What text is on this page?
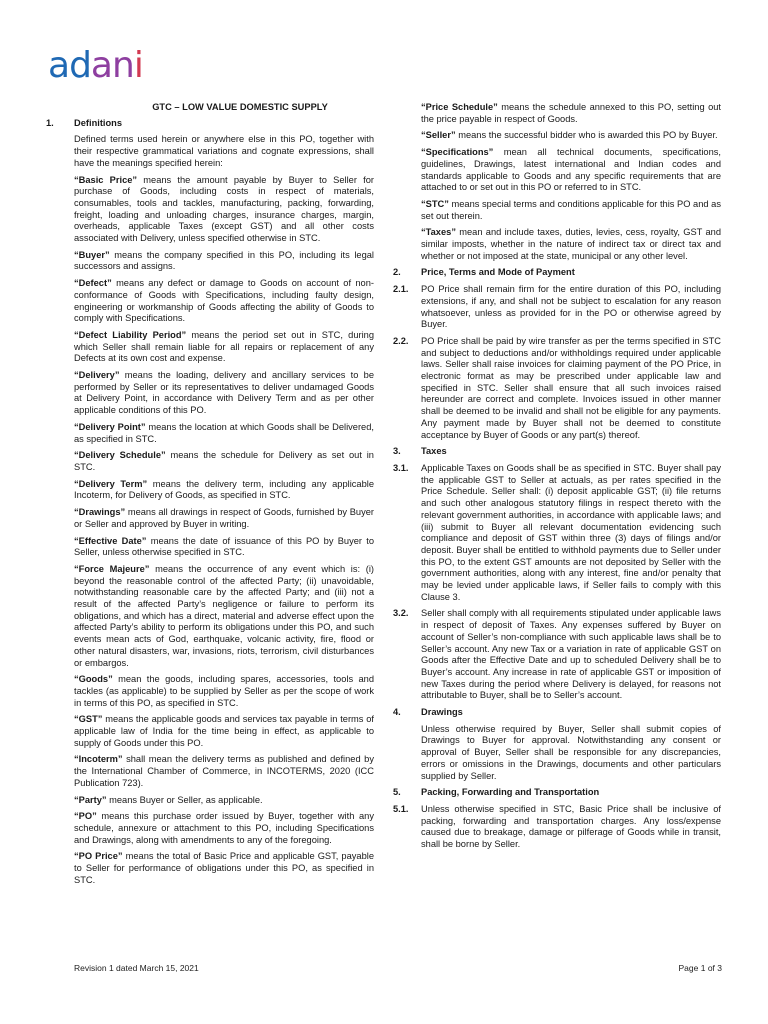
adani
GTC – LOW VALUE DOMESTIC SUPPLY
1.	Definitions
Defined terms used herein or anywhere else in this PO, together with their respective grammatical variations and cognate expressions, shall have the meanings specified herein:
“Basic Price” means the amount payable by Buyer to Seller for purchase of Goods, including costs in respect of materials, consumables, tools and tackles, manufacturing, packing, forwarding, freight, loading and unloading charges, insurance charges, margin, overheads, applicable Taxes (except GST) and all other costs associated with Delivery, unless specified otherwise in STC.
“Buyer” means the company specified in this PO, including its legal successors and assigns.
“Defect” means any defect or damage to Goods on account of non-conformance of Goods with Specifications, including faulty design, engineering or workmanship of Goods affecting the ability of Goods to comply with Specifications.
“Defect Liability Period” means the period set out in STC, during which Seller shall remain liable for all repairs or replacement of any Defects at its own cost and expense.
“Delivery” means the loading, delivery and ancillary services to be performed by Seller or its representatives to deliver undamaged Goods at Delivery Point, in accordance with Delivery Term and as per other applicable conditions of this PO.
“Delivery Point” means the location at which Goods shall be Delivered, as specified in STC.
“Delivery Schedule” means the schedule for Delivery as set out in STC.
“Delivery Term” means the delivery term, including any applicable Incoterm, for Delivery of Goods, as specified in STC.
“Drawings” means all drawings in respect of Goods, furnished by Buyer or Seller and approved by Buyer in writing.
“Effective Date” means the date of issuance of this PO by Buyer to Seller, unless otherwise specified in STC.
“Force Majeure” means the occurrence of any event which is: (i) beyond the reasonable control of the affected Party; (ii) unavoidable, notwithstanding reasonable care by the affected Party; and (iii) not a result of the affected Party’s negligence or failure to perform its obligations, and which has a direct, material and adverse effect upon the affected Party’s ability to perform its obligations under this PO, and such events mean acts of God, earthquake, volcanic activity, fire, flood or other natural disasters, war, invasions, riots, terrorism, civil disturbances or embargos.
“Goods” mean the goods, including spares, accessories, tools and tackles (as applicable) to be supplied by Seller as per the scope of work in terms of this PO, as specified in STC.
“GST” means the applicable goods and services tax payable in terms of applicable law of India for the time being in effect, as applicable to supply of Goods under this PO.
“Incoterm” shall mean the delivery terms as published and defined by the International Chamber of Commerce, in INCOTERMS, 2020 (ICC Publication 723).
“Party” means Buyer or Seller, as applicable.
“PO” means this purchase order issued by Buyer, together with any schedule, annexure or attachment to this PO, including Specifications and Drawings, along with amendments to any of the foregoing.
“PO Price” means the total of Basic Price and applicable GST, payable to Seller for performance of obligations under this PO, as specified in STC.
“Price Schedule” means the schedule annexed to this PO, setting out the price payable in respect of Goods.
“Seller” means the successful bidder who is awarded this PO by Buyer.
“Specifications” mean all technical documents, specifications, guidelines, Drawings, latest international and Indian codes and standards applicable to Goods and any specific requirements that are attached to or set out in this PO or referred to in STC.
“STC” means special terms and conditions applicable for this PO and as set out therein.
“Taxes” mean and include taxes, duties, levies, cess, royalty, GST and similar imposts, whether in the nature of indirect tax or direct tax and whether or not imposed at the state, municipal or any other level.
2.	Price, Terms and Mode of Payment
2.1.	PO Price shall remain firm for the entire duration of this PO, including extensions, if any, and shall not be subject to escalation for any reason whatsoever, unless as provided for in the PO or otherwise agreed by Buyer.
2.2.	PO Price shall be paid by wire transfer as per the terms specified in STC and subject to deductions and/or withholdings required under applicable laws. Seller shall raise invoices for claiming payment of the PO Price, in electronic format as may be prescribed under applicable law and specified in STC. Seller shall ensure that all such invoices raised hereunder are correct and complete. Invoices issued in other manner shall be deemed to be invalid and shall not be eligible for any payments. Any payment made by Buyer shall not be deemed to constitute acceptance by Buyer of Goods or any part(s) thereof.
3.	Taxes
3.1.	Applicable Taxes on Goods shall be as specified in STC. Buyer shall pay the applicable GST to Seller at actuals, as per rates specified in the Price Schedule. Seller shall: (i) deposit applicable GST; (ii) file returns and such other analogous statutory filings in respect thereto with the relevant government authorities, in accordance with applicable laws; and (iii) submit to Buyer all relevant documentation evidencing such compliance and deposit of GST within three (3) days of filings and/or deposit. Buyer shall be entitled to withhold payments due to Seller under this PO, to the extent GST amounts are not deposited by Seller with the government authorities, along with any interest, fine and/or penalty that may be levied under applicable laws, if Seller fails to comply with this Clause 3.
3.2.	Seller shall comply with all requirements stipulated under applicable laws in respect of deposit of Taxes. Any expenses suffered by Buyer on account of Seller’s non-compliance with such applicable laws shall be to Seller’s account. Any new Tax or a variation in rate of applicable GST on Goods after the Effective Date and up to scheduled Delivery shall be to Buyer’s account. Any increase in rate of applicable GST or imposition of new Taxes during the period where Delivery is delayed, for reasons not attributable to Buyer, shall be to Seller’s account.
4.	Drawings
Unless otherwise required by Buyer, Seller shall submit copies of Drawings to Buyer for approval. Notwithstanding any consent or approval of Buyer, Seller shall be responsible for any discrepancies, errors or omissions in the Drawings, documents and other particulars supplied by Seller.
5.	Packing, Forwarding and Transportation
5.1.	Unless otherwise specified in STC, Basic Price shall be inclusive of packing, forwarding and transportation charges. Any loss/expense caused due to breakage, damage or pilferage of Goods while in transit, shall be borne by Seller.
Revision 1 dated March 15, 2021	Page 1 of 3
